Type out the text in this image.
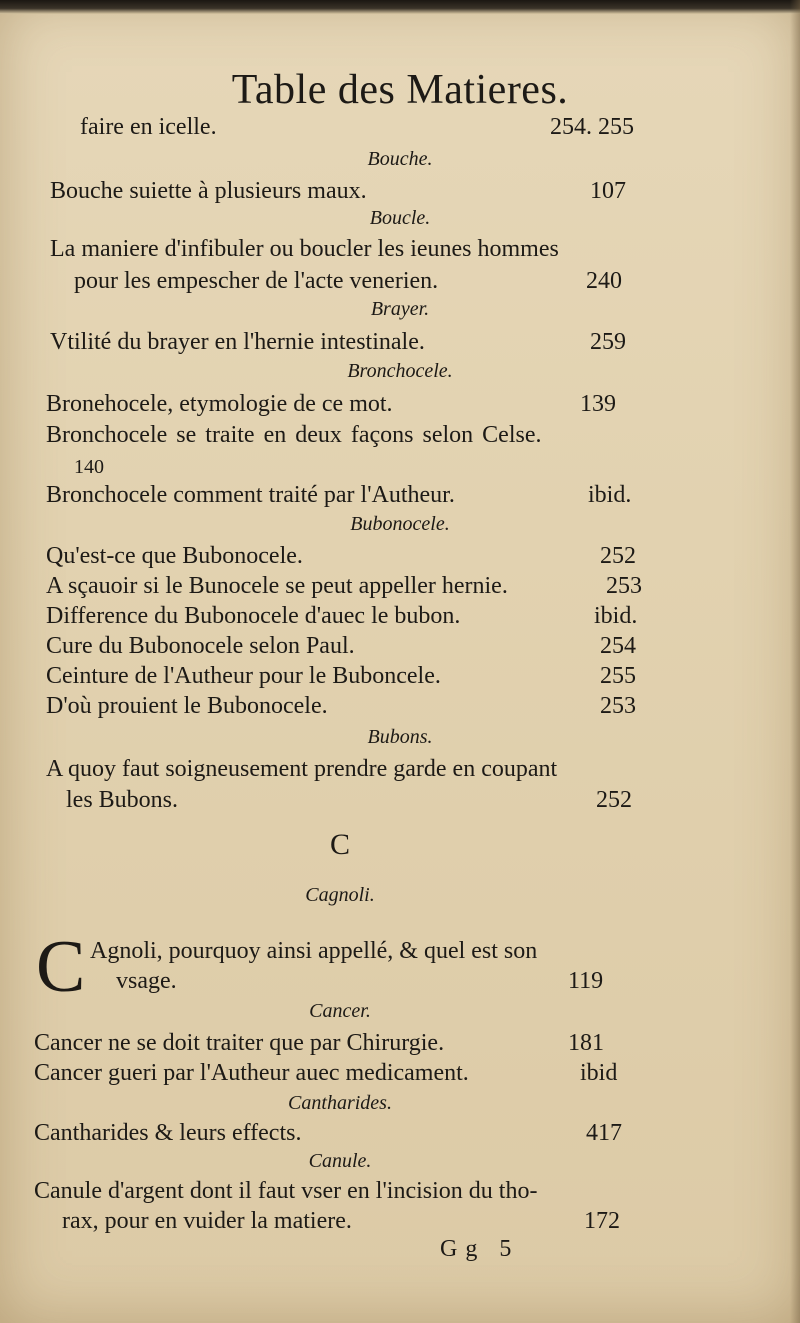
Table des Matieres.
faire en icelle.	254. 255
Bouche.
Bouche suiette à plusieurs maux.	107
Boucle.
La maniere d'infibuler ou boucler les ieunes hommes
pour les empescher de l'acte venerien.	240
Brayer.
Vtilité du brayer en l'hernie intestinale.	259
Bronchocele.
Bronehocele, etymologie de ce mot.	139
Bronchocele se traite en deux façons selon Celse.
140
Bronchocele comment traité par l'Autheur.	ibid.
Bubonocele.
Qu'est-ce que Bubonocele.	252
A sçauoir si le Bunocele se peut appeller hernie.	253
Difference du Bubonocele d'auec le bubon.	ibid.
Cure du Bubonocele selon Paul.	254
Ceinture de l'Autheur pour le Buboncele.	255
D'où prouient le Bubonocele.	253
Bubons.
A quoy faut soigneusement prendre garde en coupant
les Bubons.	252
C
Cagnoli.
C Agnoli, pourquoy ainsi appellé, & quel est son
vsage.	119
Cancer.
Cancer ne se doit traiter que par Chirurgie.	181
Cancer gueri par l'Autheur auec medicament.	ibid
Cantharides.
Cantharides & leurs effects.	417
Canule.
Canule d'argent dont il faut vser en l'incision du tho-
rax, pour en vuider la matiere.	172
Gg 5
